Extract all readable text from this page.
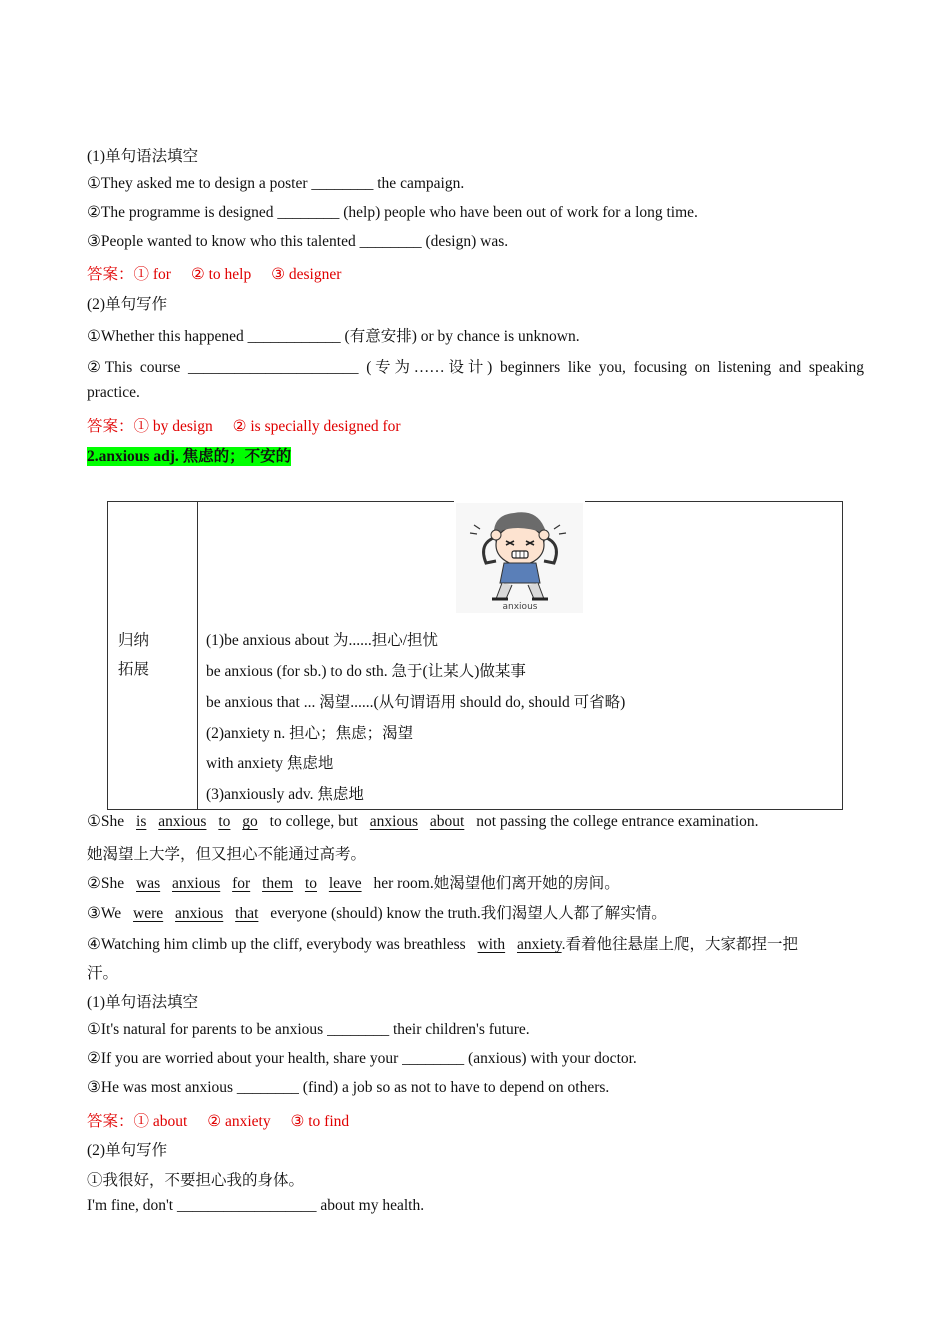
(1)单句语法填空
①They asked me to design a poster ________ the campaign.
②The programme is designed ________ (help) people who have been out of work for a long time.
③People wanted to know who this talented ________ (design) was.
答案：① for ② to help ③ designer
(2)单句写作
①Whether this happened ____________ (有意安排) or by chance is unknown.
②This course ______________________ (专为……设计) beginners like you, focusing on listening and speaking
practice.
答案：① by design ② is specially designed for
2.anxious adj. 焦虑的；不安的

anxious
归纳
拓展
(1)be anxious about 为......担心/担忧
be anxious (for sb.) to do sth. 急于(让某人)做某事
be anxious that ... 渴望......(从句谓语用 should do, should 可省略)
(2)anxiety n. 担心；焦虑；渴望
with anxiety 焦虑地
(3)anxiously adv. 焦虑地
①She is anxious to go to college, but anxious about not passing the college entrance examination.
她渴望上大学，但又担心不能通过高考。
②She was anxious for them to leave her room.她渴望他们离开她的房间。
③We were anxious that everyone (should) know the truth.我们渴望人人都了解实情。
④Watching him climb up the cliff, everybody was breathless with anxiety.看着他往悬崖上爬，大家都捏一把
汗。
(1)单句语法填空
①It's natural for parents to be anxious ________ their children's future.
②If you are worried about your health, share your ________ (anxious) with your doctor.
③He was most anxious ________ (find) a job so as not to have to depend on others.
答案：① about ② anxiety ③ to find
(2)单句写作
①我很好，不要担心我的身体。
I'm fine, don't __________________ about my health.
